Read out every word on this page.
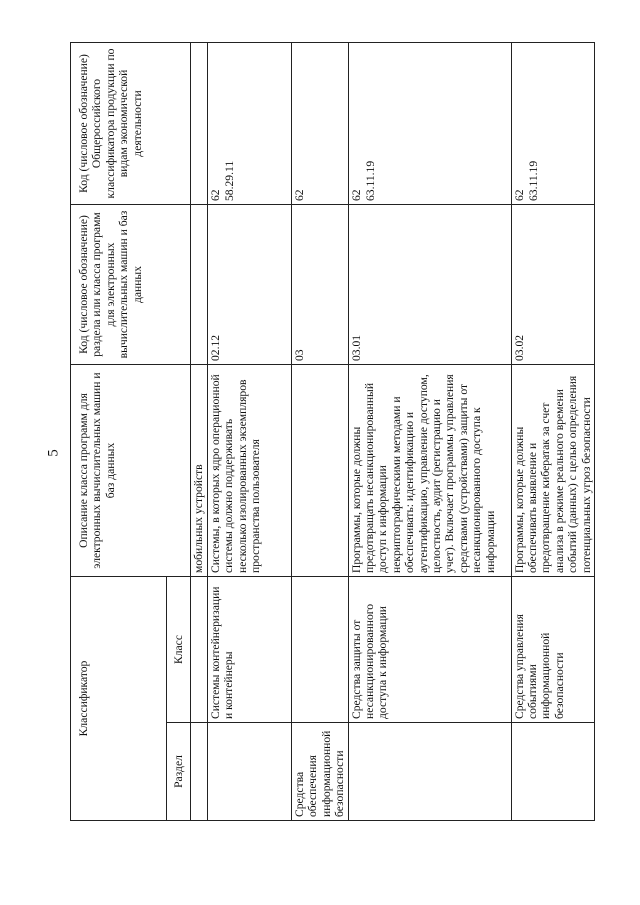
5
Классификатор		Описание класса программ для электронных вычислительных машин и баз данных	Код (числовое обозначение) раздела или класса программ для электронных вычислительных машин и баз данных	Код (числовое обозначение) Общероссийского классификатора продукции по видам экономической деятельности
Раздел	Класс			
		мобильных устройств		
	Системы контейнеризации и контейнеры	Системы, в которых ядро операционной системы должно поддерживать несколько изолированных экземпляров пространства пользователя	02.12	62 58.29.11

Средства обеспечения информационной безопасности			03	62

	Средства защиты от несанкционированного доступа к информации	Программы, которые должны предотвращать несанкционированный доступ к информации некриптографическими методами и обеспечивать: идентификацию и аутентификацию, управление доступом, целостность, аудит (регистрацию и учет). Включает программы управления средствами (устройствами) защиты от несанкционированного доступа к информации	03.01	62 63.11.19

	Средства управления событиями информационной безопасности	Программы, которые должны обеспечивать выявление и предотвращение кибератак за счет анализа в режиме реального времени событий (данных) с целью определения потенциальных угроз безопасности	03.02	62 63.11.19
